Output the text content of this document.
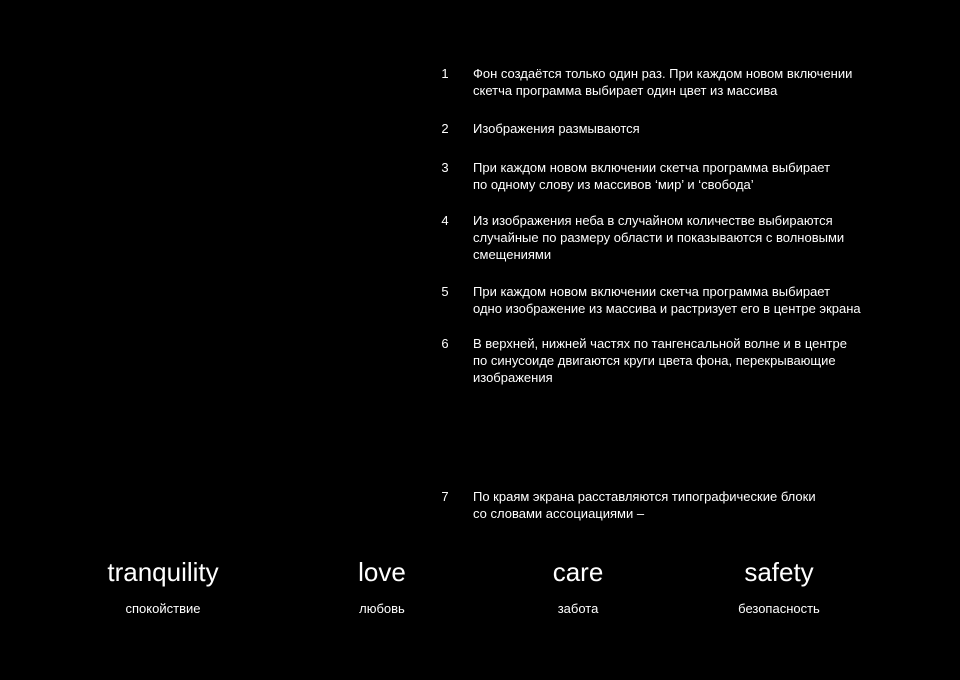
1	Фон создаётся только один раз. При каждом новом включении
скетча программа выбирает один цвет из массива
2	Изображения размываются
3	При каждом новом включении скетча программа выбирает
по одному слову из массивов ‘мир’ и ‘свобода’
4	Из изображения неба в случайном количестве выбираются
случайные по размеру области и показываются с волновыми
смещениями
5	При каждом новом включении скетча программа выбирает
одно изображение из массива и растризует его в центре экрана
6	В верхней, нижней частях по тангенсальной волне и в центре
по синусоиде двигаются круги цвета фона, перекрывающие
изображения
7	По краям экрана расставляются типографические блоки
со словами ассоциациями –
tranquility
спокойствие
love
любовь
care
забота
safety
безопасность
